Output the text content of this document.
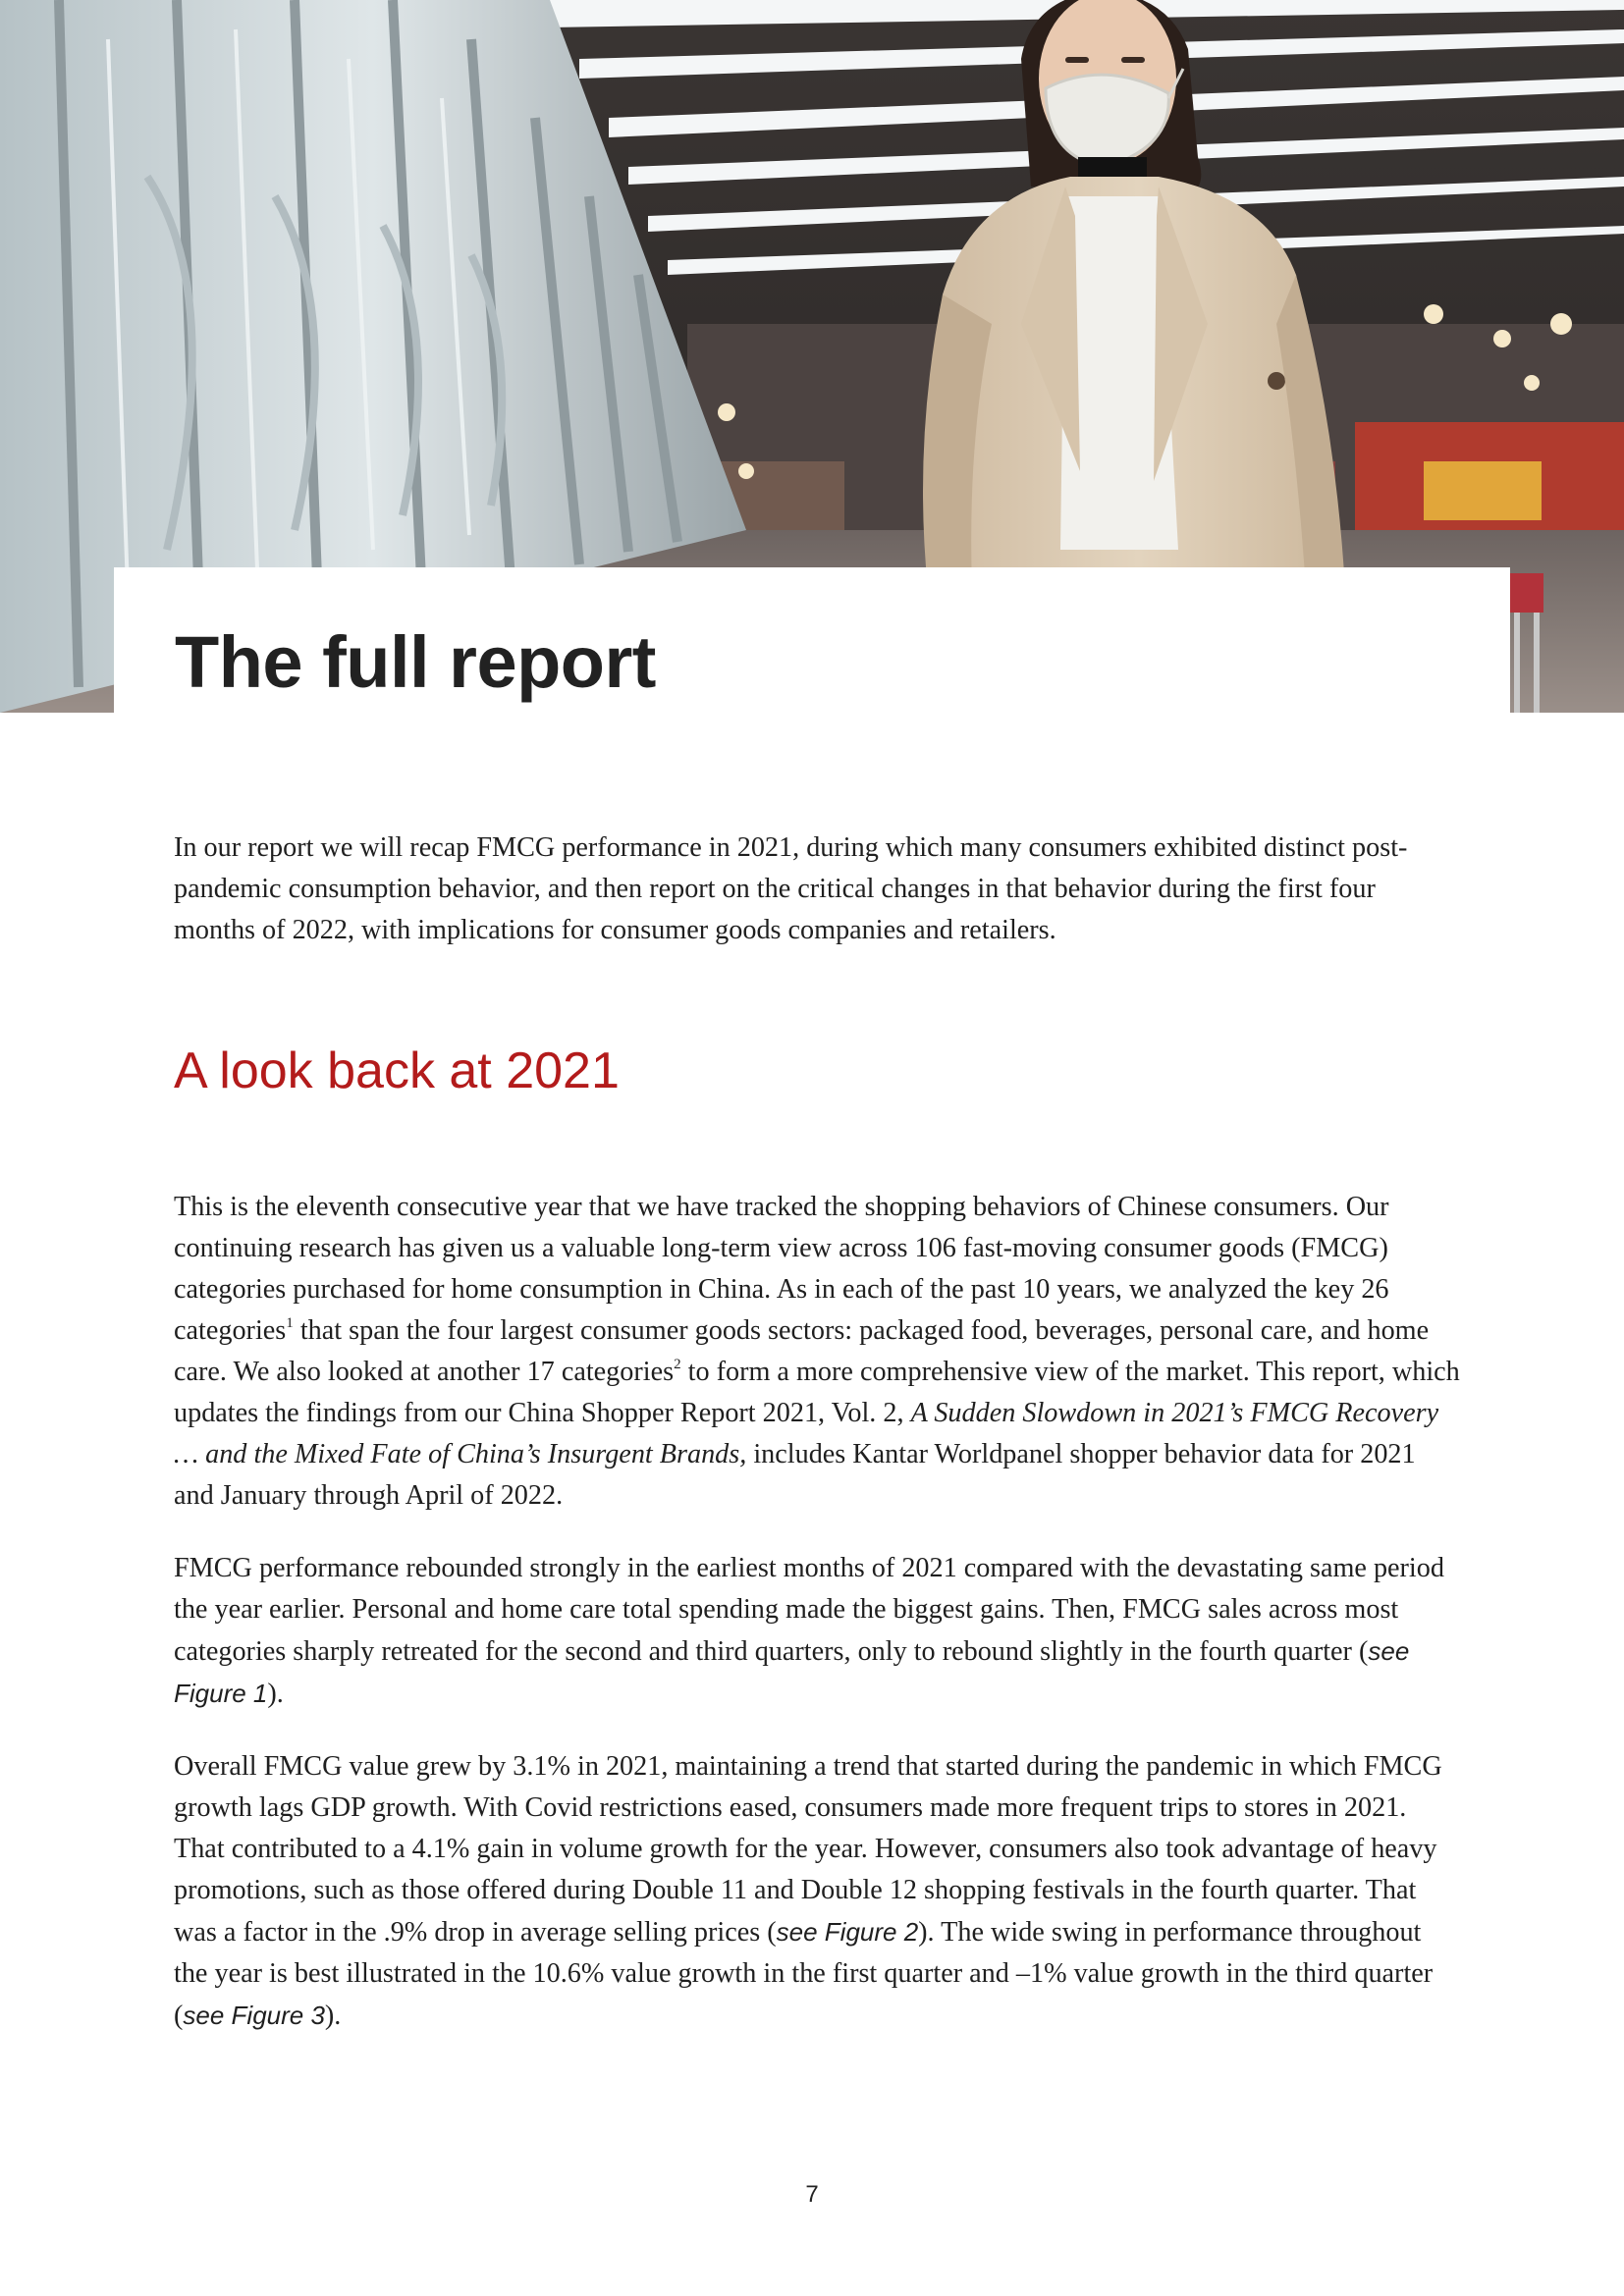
The full report

In our report we will recap FMCG performance in 2021, during which many consumers exhibited distinct post-pandemic consumption behavior, and then report on the critical changes in that behavior during the first four months of 2022, with implications for consumer goods companies and retailers.

A look back at 2021

This is the eleventh consecutive year that we have tracked the shopping behaviors of Chinese consumers. Our continuing research has given us a valuable long-term view across 106 fast-moving consumer goods (FMCG) categories purchased for home consumption in China. As in each of the past 10 years, we analyzed the key 26 categories$^1$ that span the four largest consumer goods sectors: packaged food, beverages, personal care, and home care. We also looked at another 17 categories$^2$ to form a more comprehensive view of the market. This report, which updates the findings from our China Shopper Report 2021, Vol. 2, A Sudden Slowdown in 2021’s FMCG Recovery … and the Mixed Fate of China’s Insurgent Brands, includes Kantar Worldpanel shopper behavior data for 2021 and January through April of 2022.

FMCG performance rebounded strongly in the earliest months of 2021 compared with the devastating same period the year earlier. Personal and home care total spending made the biggest gains. Then, FMCG sales across most categories sharply retreated for the second and third quarters, only to rebound slightly in the fourth quarter (see Figure 1).

Overall FMCG value grew by 3.1% in 2021, maintaining a trend that started during the pandemic in which FMCG growth lags GDP growth. With Covid restrictions eased, consumers made more frequent trips to stores in 2021. That contributed to a 4.1% gain in volume growth for the year. However, consumers also took advantage of heavy promotions, such as those offered during Double 11 and Double 12 shopping festivals in the fourth quarter. That was a factor in the .9% drop in average selling prices (see Figure 2). The wide swing in performance throughout the year is best illustrated in the 10.6% value growth in the first quarter and –1% value growth in the third quarter (see Figure 3).

7
